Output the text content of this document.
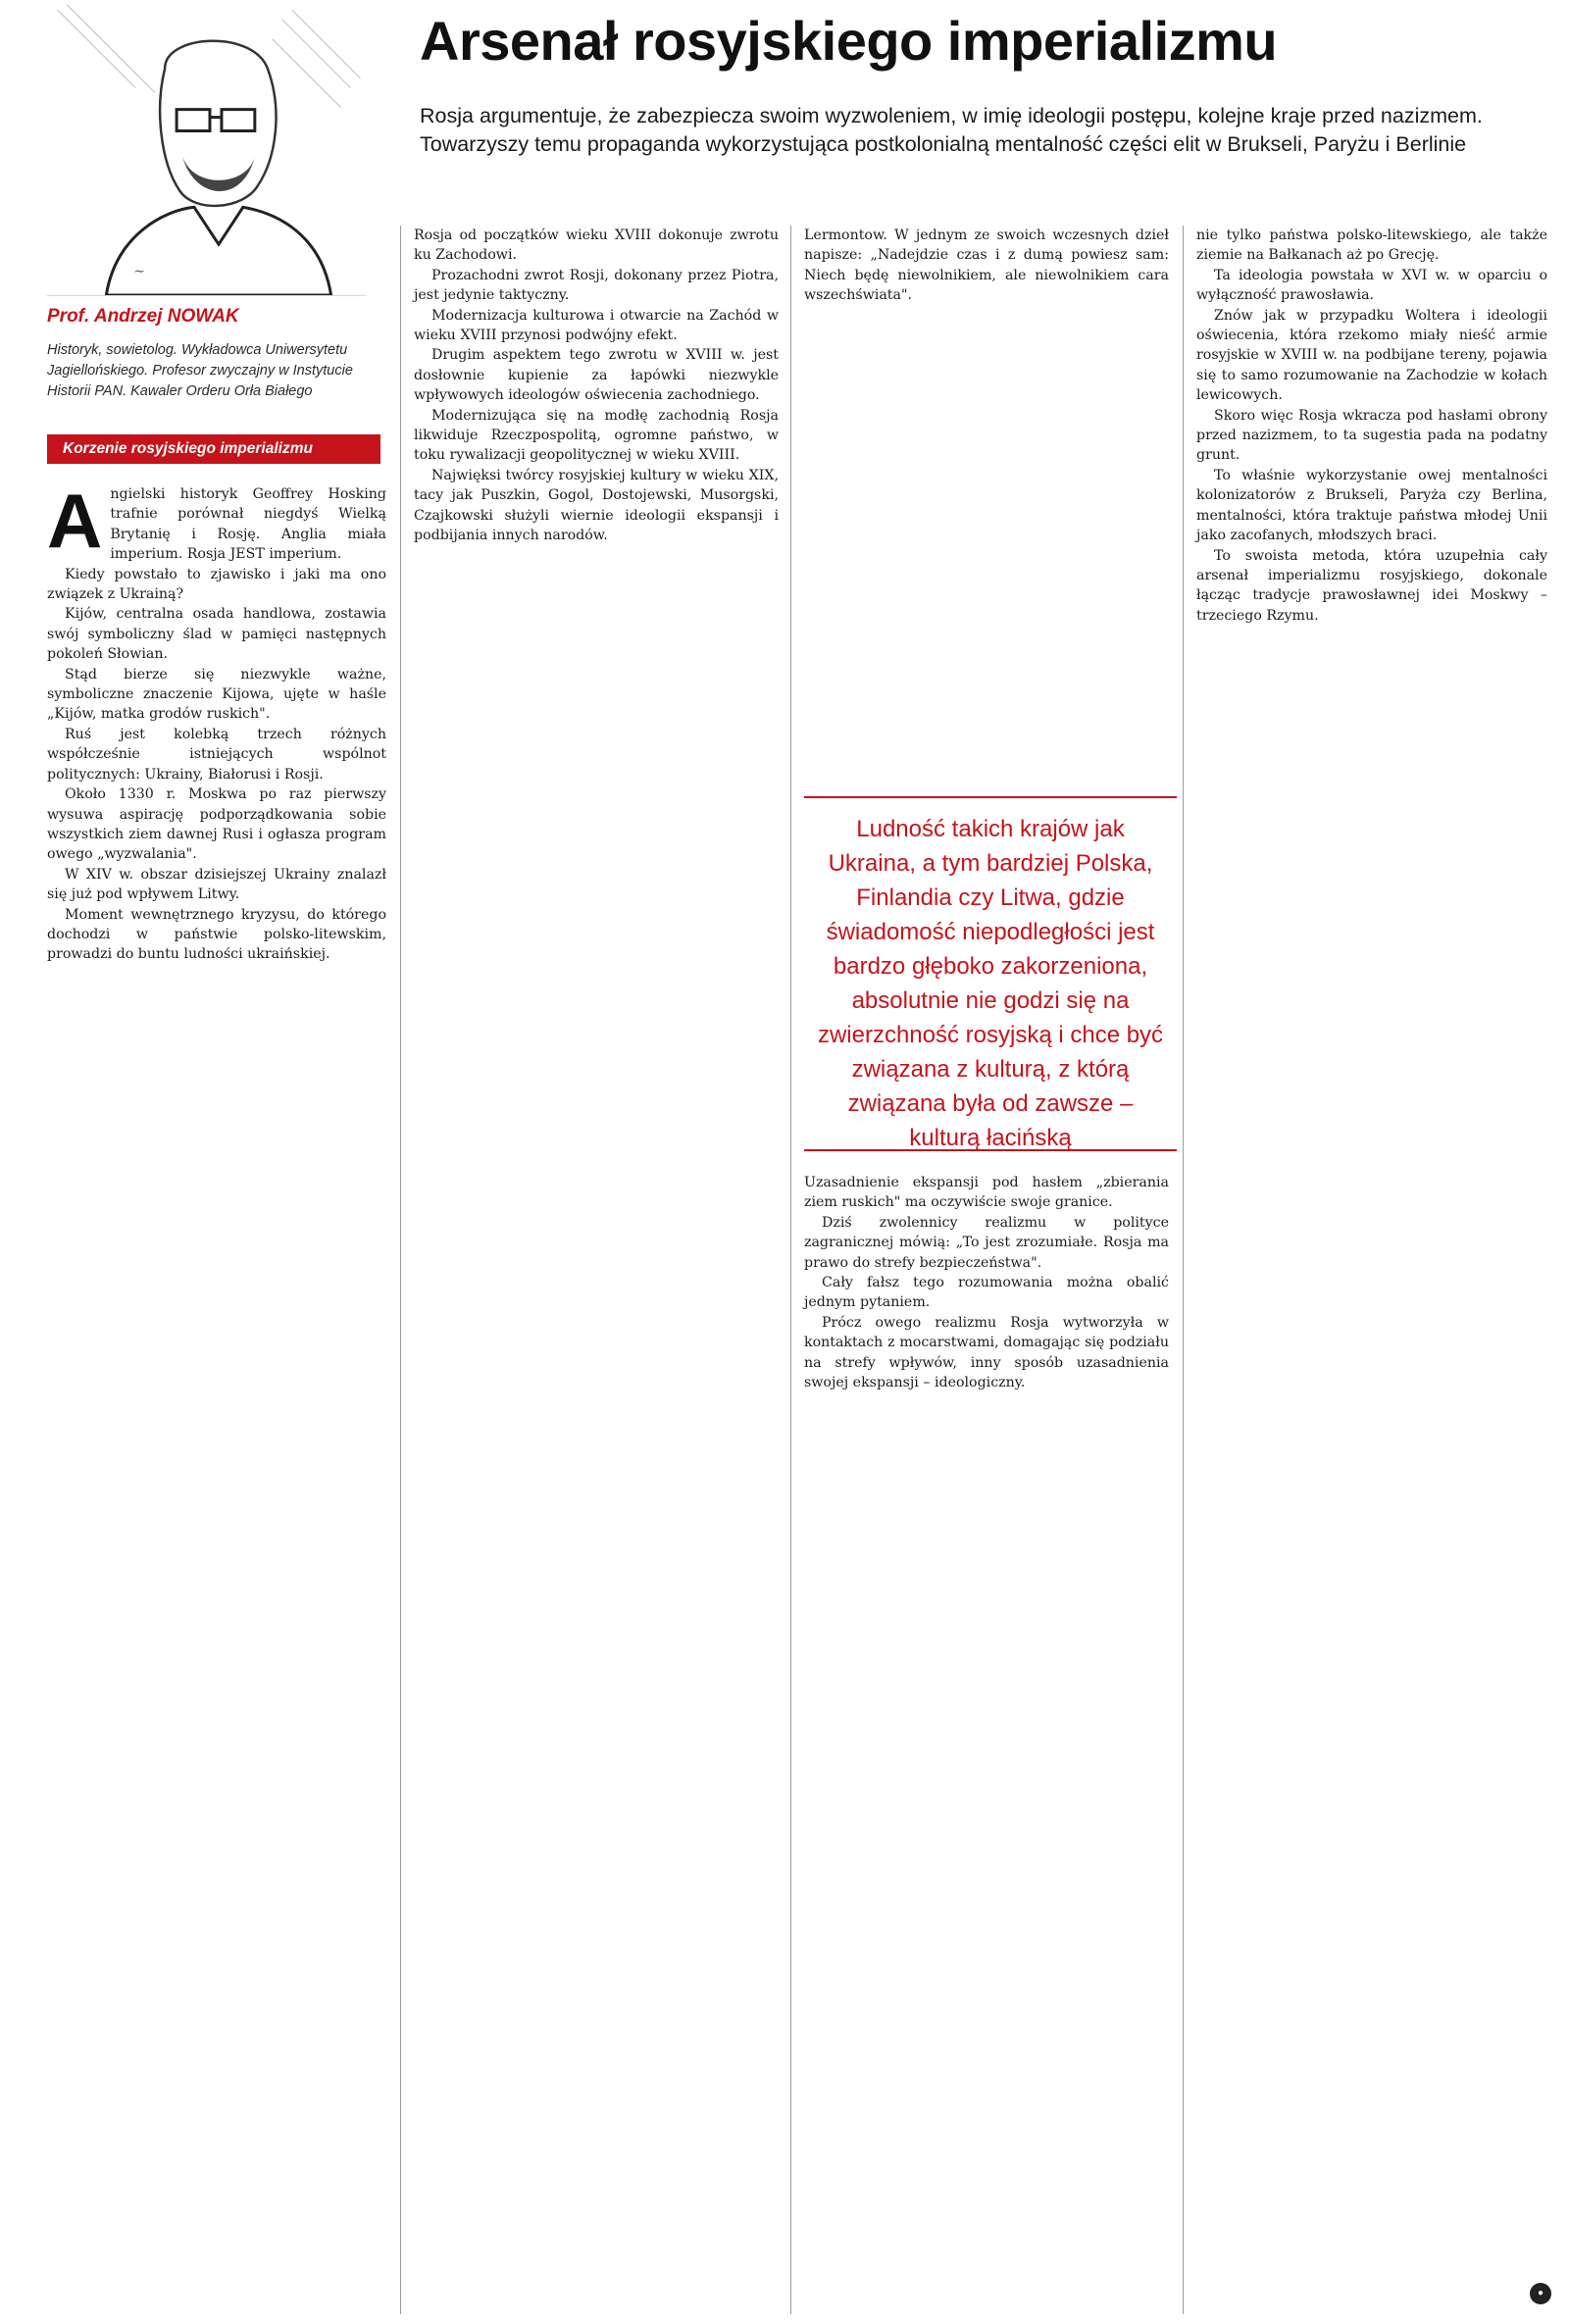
∼
Prof. Andrzej NOWAK
Historyk, sowietolog. Wykładowca Uniwersytetu Jagiellońskiego. Profesor zwyczajny w Instytucie Historii PAN. Kawaler Orderu Orła Białego
Korzenie rosyjskiego imperializmu
Arsenał rosyjskiego imperializmu
Rosja argumentuje, że zabezpiecza swoim wyzwoleniem, w imię ideologii postępu, kolejne kraje przed nazizmem. Towarzyszy temu propaganda wykorzystująca postkolonialną mentalność części elit w Brukseli, Paryżu i Berlinie

Angielski historyk Geoffrey Hosking trafnie porównał niegdyś Wielką Brytanię i Rosję. Anglia miała imperium. Rosja JEST imperium.

Kiedy powstało to zjawisko i jaki ma ono związek z Ukrainą?

Kijów, centralna osada handlowa, zostawia swój symboliczny ślad w pamięci następnych pokoleń Słowian.

Stąd bierze się niezwykle ważne, symboliczne znaczenie Kijowa, ujęte w haśle „Kijów, matka grodów ruskich".

Ruś jest kolebką trzech różnych współcześnie istniejących wspólnot politycznych: Ukrainy, Białorusi i Rosji.

Około 1330 r. Moskwa po raz pierwszy wysuwa aspirację podporządkowania sobie wszystkich ziem dawnej Rusi i ogłasza program owego „wyzwalania".

W XIV w. obszar dzisiejszej Ukrainy znalazł się już pod wpływem Litwy.

Moment wewnętrznego kryzysu, do którego dochodzi w państwie polsko-litewskim, prowadzi do buntu ludności ukraińskiej.

Rosja od początków wieku XVIII dokonuje zwrotu ku Zachodowi.

Prozachodni zwrot Rosji, dokonany przez Piotra, jest jedynie taktyczny.

Modernizacja kulturowa i otwarcie na Zachód w wieku XVIII przynosi podwójny efekt.

Drugim aspektem tego zwrotu w XVIII w. jest dosłownie kupienie za łapówki niezwykle wpływowych ideologów oświecenia zachodniego.

Modernizująca się na modłę zachodnią Rosja likwiduje Rzeczpospolitą, ogromne państwo, w toku rywalizacji geopolitycznej w wieku XVIII.

Najwięksi twórcy rosyjskiej kultury w wieku XIX, tacy jak Puszkin, Gogol, Dostojewski, Musorgski, Czajkowski służyli wiernie ideologii ekspansji i podbijania innych narodów.

Lermontow. W jednym ze swoich wczesnych dzieł napisze: „Nadejdzie czas i z dumą powiesz sam: Niech będę niewolnikiem, ale niewolnikiem cara wszechświata".

Ludność takich krajów jak Ukraina, a tym bardziej Polska, Finlandia czy Litwa, gdzie świadomość niepodległości jest bardzo głęboko zakorzeniona, absolutnie nie godzi się na zwierzchność rosyjską i chce być związana z kulturą, z którą związana była od zawsze – kulturą łacińską

Uzasadnienie ekspansji pod hasłem „zbierania ziem ruskich" ma oczywiście swoje granice.

Dziś zwolennicy realizmu w polityce zagranicznej mówią: „To jest zrozumiałe. Rosja ma prawo do strefy bezpieczeństwa".

Cały fałsz tego rozumowania można obalić jednym pytaniem.

Prócz owego realizmu Rosja wytworzyła w kontaktach z mocarstwami, domagając się podziału na strefy wpływów, inny sposób uzasadnienia swojej ekspansji – ideologiczny.

nie tylko państwa polsko-litewskiego, ale także ziemie na Bałkanach aż po Grecję.

Ta ideologia powstała w XVI w. w oparciu o wyłączność prawosławia.

Znów jak w przypadku Woltera i ideologii oświecenia, która rzekomo miały nieść armie rosyjskie w XVIII w. na podbijane tereny, pojawia się to samo rozumowanie na Zachodzie w kołach lewicowych.

Skoro więc Rosja wkracza pod hasłami obrony przed nazizmem, to ta sugestia pada na podatny grunt.

To właśnie wykorzystanie owej mentalności kolonizatorów z Brukseli, Paryża czy Berlina, mentalności, która traktuje państwa młodej Unii jako zacofanych, młodszych braci.

To swoista metoda, która uzupełnia cały arsenał imperializmu rosyjskiego, dokonale łącząc tradycje prawosławnej idei Moskwy – trzeciego Rzymu.

●
